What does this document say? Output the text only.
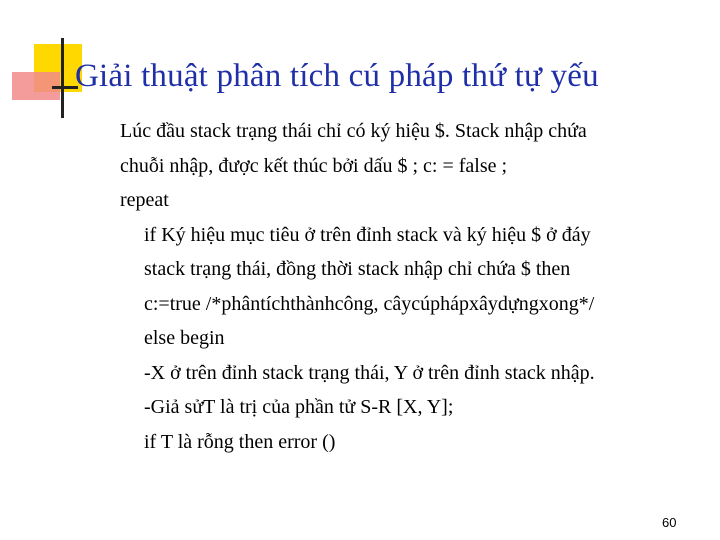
Giải thuật phân tích cú pháp thứ tự yếu
Lúc đầu stack trạng thái chỉ có ký hiệu $. Stack nhập chứa
chuỗi nhập, được kết thúc bởi dấu $ ; c: = false ;
repeat
if Ký hiệu mục tiêu ở trên đỉnh stack và ký hiệu $ ở đáy
stack trạng thái, đồng thời stack nhập chỉ chứa $ then
c:=true /*phântíchthànhcông, câycúphápxâydựngxong*/
else begin
-X ở trên đỉnh stack trạng thái, Y ở trên đỉnh stack nhập.
-Giả sửT là trị của phần tử S-R [X, Y];
if T là rỗng then error ()
60
